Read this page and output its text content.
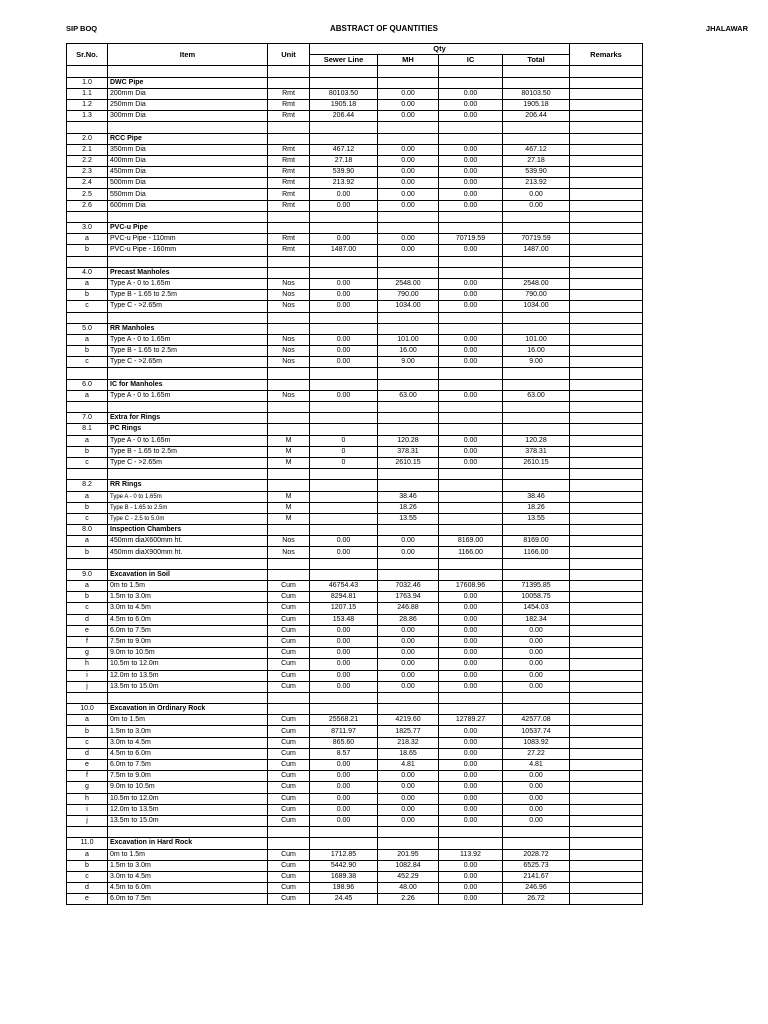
SIP BOQ	ABSTRACT OF QUANTITIES	JHALAWAR
Sr.No.	Item	Unit	Qty				Remarks
			Sewer Line	MH	IC	Total	

1.0	DWC Pipe						
1.1	200mm Dia	Rmt	80103.50	0.00	0.00	80103.50	
1.2	250mm Dia	Rmt	1905.18	0.00	0.00	1905.18	
1.3	300mm Dia	Rmt	206.44	0.00	0.00	206.44	

2.0	RCC Pipe						
2.1	350mm Dia	Rmt	467.12	0.00	0.00	467.12	
2.2	400mm Dia	Rmt	27.18	0.00	0.00	27.18	
2.3	450mm Dia	Rmt	539.90	0.00	0.00	539.90	
2.4	500mm Dia	Rmt	213.92	0.00	0.00	213.92	
2.5	550mm Dia	Rmt	0.00	0.00	0.00	0.00	
2.6	600mm Dia	Rmt	0.00	0.00	0.00	0.00	

3.0	PVC-u Pipe						
a	PVC-u Pipe - 110mm	Rmt	0.00	0.00	70719.59	70719.59	
b	PVC-u Pipe - 160mm	Rmt	1487.00	0.00	0.00	1487.00	

4.0	Precast Manholes						
a	Type A - 0 to 1.65m	Nos	0.00	2548.00	0.00	2548.00	
b	Type B - 1.65 to 2.5m	Nos	0.00	790.00	0.00	790.00	
c	Type C - >2.65m	Nos	0.00	1034.00	0.00	1034.00	

5.0	RR Manholes						
a	Type A - 0 to 1.65m	Nos	0.00	101.00	0.00	101.00	
b	Type B - 1.65 to 2.5m	Nos	0.00	16.00	0.00	16.00	
c	Type C - >2.65m	Nos	0.00	9.00	0.00	9.00	

6.0	IC for Manholes						
a	Type A - 0 to 1.65m	Nos	0.00	63.00	0.00	63.00	

7.0	Extra for Rings						
8.1	PC Rings						
a	Type A - 0 to 1.65m	M	0	120.28	0.00	120.28	
b	Type B - 1.65 to 2.5m	M	0	378.31	0.00	378.31	
c	Type C - >2.65m	M	0	2610.15	0.00	2610.15	

8.2	RR Rings						
a	Type A - 0 to 1.65m	M		38.46		38.46	
b	Type B - 1.65 to 2.5m	M		18.26		18.26	
c	Type C - 2.5 to 5.0m	M		13.55		13.55	
8.0	Inspection Chambers						
a	450mm diaX600mm ht.	Nos	0.00	0.00	8169.00	8169.00	
b	450mm diaX900mm ht.	Nos	0.00	0.00	1166.00	1166.00	

9.0	Excavation in Soil						
a	0m to 1.5m	Cum	46754.43	7032.46	17608.96	71395.85	
b	1.5m to 3.0m	Cum	8294.81	1763.94	0.00	10058.75	
c	3.0m to 4.5m	Cum	1207.15	246.88	0.00	1454.03	
d	4.5m to 6.0m	Cum	153.48	28.86	0.00	182.34	
e	6.0m to 7.5m	Cum	0.00	0.00	0.00	0.00	
f	7.5m to 9.0m	Cum	0.00	0.00	0.00	0.00	
g	9.0m to 10.5m	Cum	0.00	0.00	0.00	0.00	
h	10.5m to 12.0m	Cum	0.00	0.00	0.00	0.00	
i	12.0m to 13.5m	Cum	0.00	0.00	0.00	0.00	
j	13.5m to 15.0m	Cum	0.00	0.00	0.00	0.00	

10.0	Excavation in Ordinary Rock						
a	0m to 1.5m	Cum	25568.21	4219.60	12789.27	42577.08	
b	1.5m to 3.0m	Cum	8711.97	1825.77	0.00	10537.74	
c	3.0m to 4.5m	Cum	865.60	218.32	0.00	1083.92	
d	4.5m to 6.0m	Cum	8.57	18.65	0.00	27.22	
e	6.0m to 7.5m	Cum	0.00	4.81	0.00	4.81	
f	7.5m to 9.0m	Cum	0.00	0.00	0.00	0.00	
g	9.0m to 10.5m	Cum	0.00	0.00	0.00	0.00	
h	10.5m to 12.0m	Cum	0.00	0.00	0.00	0.00	
i	12.0m to 13.5m	Cum	0.00	0.00	0.00	0.00	
j	13.5m to 15.0m	Cum	0.00	0.00	0.00	0.00	

11.0	Excavation in Hard Rock						
a	0m to 1.5m	Cum	1712.85	201.95	113.92	2028.72	
b	1.5m to 3.0m	Cum	5442.90	1082.84	0.00	6525.73	
c	3.0m to 4.5m	Cum	1689.38	452.29	0.00	2141.67	
d	4.5m to 6.0m	Cum	198.96	48.00	0.00	246.96	
e	6.0m to 7.5m	Cum	24.45	2.26	0.00	26.72	
